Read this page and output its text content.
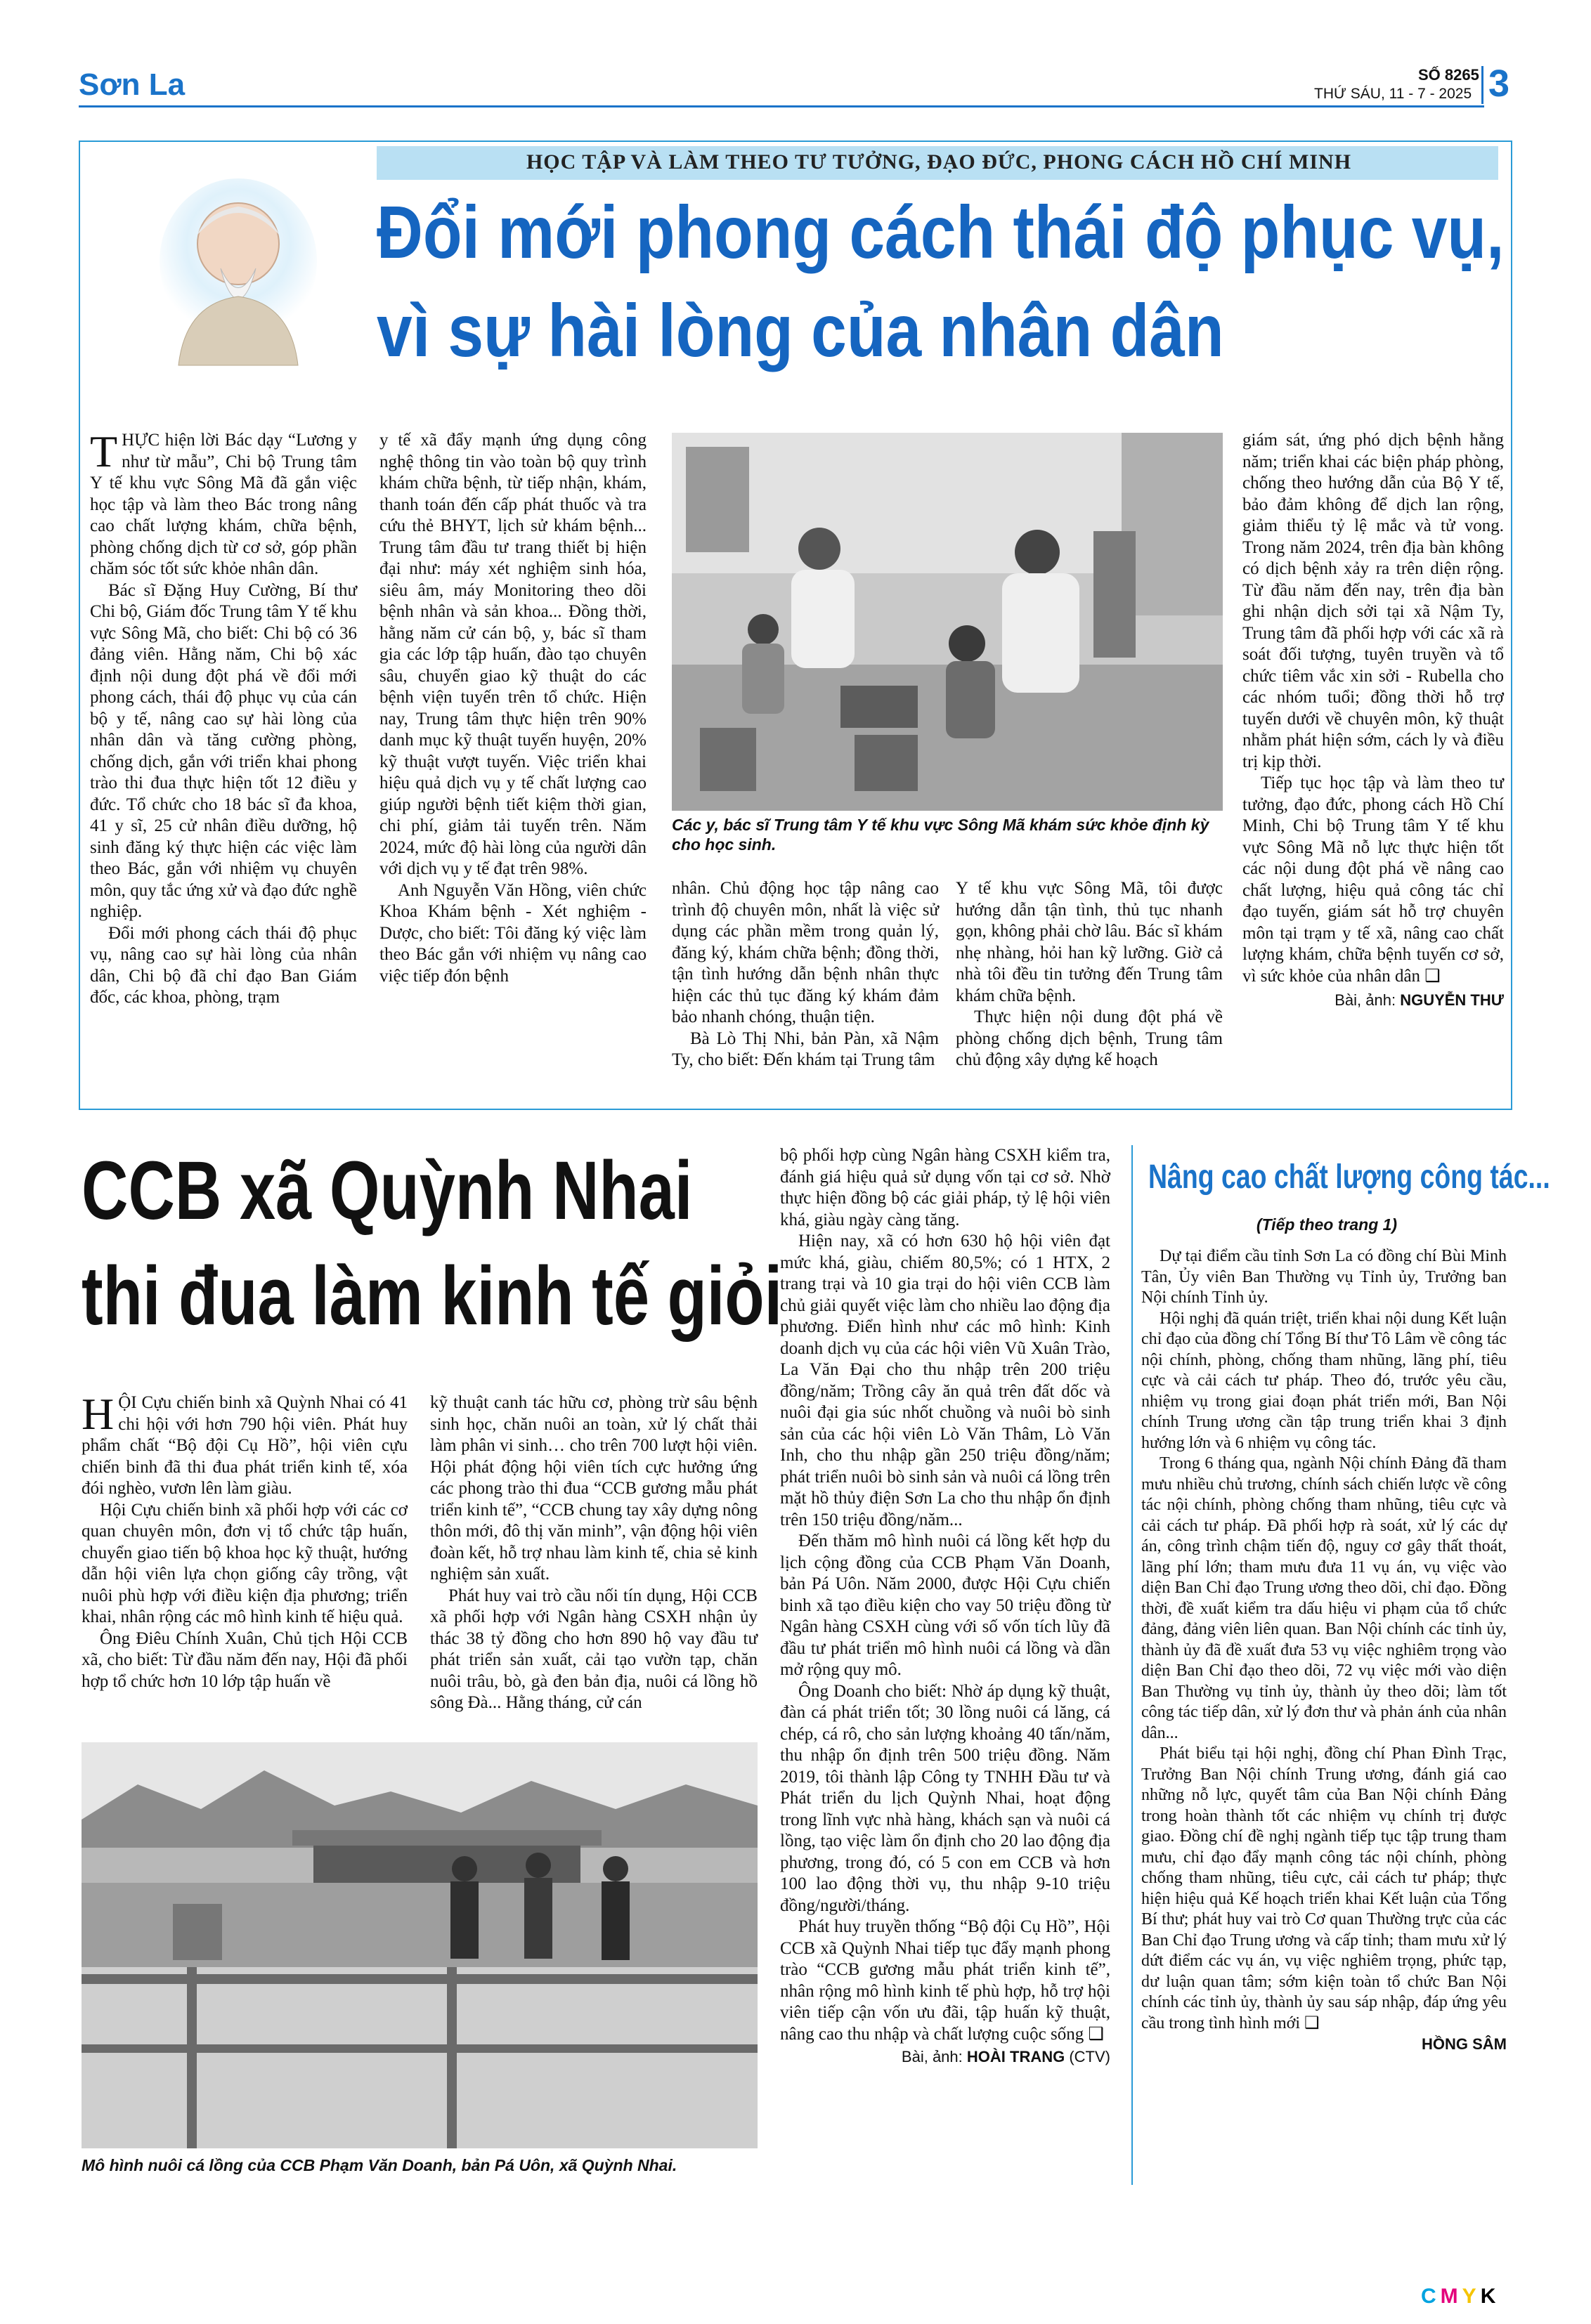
Sơn La	SỐ 8265
THỨ SÁU, 11 - 7 - 2025 3
HỌC TẬP VÀ LÀM THEO TƯ TƯỞNG, ĐẠO ĐỨC, PHONG CÁCH HỒ CHÍ MINH
Đổi mới phong cách thái độ phục vụ,
vì sự hài lòng của nhân dân

THỰC hiện lời Bác dạy “Lương y như từ mẫu”, Chi bộ Trung tâm Y tế khu vực Sông Mã đã gắn việc học tập và làm theo Bác trong nâng cao chất lượng khám, chữa bệnh, phòng chống dịch từ cơ sở, góp phần chăm sóc tốt sức khỏe nhân dân.

Bác sĩ Đặng Huy Cường, Bí thư Chi bộ, Giám đốc Trung tâm Y tế khu vực Sông Mã, cho biết: Chi bộ có 36 đảng viên. Hằng năm, Chi bộ xác định nội dung đột phá về đổi mới phong cách, thái độ phục vụ của cán bộ y tế, nâng cao sự hài lòng của nhân dân và tăng cường phòng, chống dịch, gắn với triển khai phong trào thi đua thực hiện tốt 12 điều y đức. Tổ chức cho 18 bác sĩ đa khoa, 41 y sĩ, 25 cử nhân điều dưỡng, hộ sinh đăng ký thực hiện các việc làm theo Bác, gắn với nhiệm vụ chuyên môn, quy tắc ứng xử và đạo đức nghề nghiệp.

Đổi mới phong cách thái độ phục vụ, nâng cao sự hài lòng của nhân dân, Chi bộ đã chỉ đạo Ban Giám đốc, các khoa, phòng, trạm

y tế xã đẩy mạnh ứng dụng công nghệ thông tin vào toàn bộ quy trình khám chữa bệnh, từ tiếp nhận, khám, thanh toán đến cấp phát thuốc và tra cứu thẻ BHYT, lịch sử khám bệnh... Trung tâm đầu tư trang thiết bị hiện đại như: máy xét nghiệm sinh hóa, siêu âm, máy Monitoring theo dõi bệnh nhân và sản khoa... Đồng thời, hằng năm cử cán bộ, y, bác sĩ tham gia các lớp tập huấn, đào tạo chuyên sâu, chuyển giao kỹ thuật do các bệnh viện tuyến trên tổ chức. Hiện nay, Trung tâm thực hiện trên 90% danh mục kỹ thuật tuyến huyện, 20% kỹ thuật vượt tuyến. Việc triển khai hiệu quả dịch vụ y tế chất lượng cao giúp người bệnh tiết kiệm thời gian, chi phí, giảm tải tuyến trên. Năm 2024, mức độ hài lòng của người dân với dịch vụ y tế đạt trên 98%.

Anh Nguyễn Văn Hồng, viên chức Khoa Khám bệnh - Xét nghiệm - Dược, cho biết: Tôi đăng ký việc làm theo Bác gắn với nhiệm vụ nâng cao việc tiếp đón bệnh

Các y, bác sĩ Trung tâm Y tế khu vực Sông Mã khám sức khỏe định kỳ cho học sinh.

nhân. Chủ động học tập nâng cao trình độ chuyên môn, nhất là việc sử dụng các phần mềm trong quản lý, đăng ký, khám chữa bệnh; đồng thời, tận tình hướng dẫn bệnh nhân thực hiện các thủ tục đăng ký khám đảm bảo nhanh chóng, thuận tiện.

Bà Lò Thị Nhi, bản Pàn, xã Nậm Ty, cho biết: Đến khám tại Trung tâm

Y tế khu vực Sông Mã, tôi được hướng dẫn tận tình, thủ tục nhanh gọn, không phải chờ lâu. Bác sĩ khám nhẹ nhàng, hỏi han kỹ lưỡng. Giờ cả nhà tôi đều tin tưởng đến Trung tâm khám chữa bệnh.

Thực hiện nội dung đột phá về phòng chống dịch bệnh, Trung tâm chủ động xây dựng kế hoạch

giám sát, ứng phó dịch bệnh hằng năm; triển khai các biện pháp phòng, chống theo hướng dẫn của Bộ Y tế, bảo đảm không để dịch lan rộng, giảm thiểu tỷ lệ mắc và tử vong. Trong năm 2024, trên địa bàn không có dịch bệnh xảy ra trên diện rộng. Từ đầu năm đến nay, trên địa bàn ghi nhận dịch sởi tại xã Nậm Ty, Trung tâm đã phối hợp với các xã rà soát đối tượng, tuyên truyền và tổ chức tiêm vắc xin sởi - Rubella cho các nhóm tuổi; đồng thời hỗ trợ tuyến dưới về chuyên môn, kỹ thuật nhằm phát hiện sớm, cách ly và điều trị kịp thời.

Tiếp tục học tập và làm theo tư tưởng, đạo đức, phong cách Hồ Chí Minh, Chi bộ Trung tâm Y tế khu vực Sông Mã nỗ lực thực hiện tốt các nội dung đột phá về nâng cao chất lượng, hiệu quả công tác chỉ đạo tuyến, giám sát hỗ trợ chuyên môn tại trạm y tế xã, nâng cao chất lượng khám, chữa bệnh tuyến cơ sở, vì sức khỏe của nhân dân ❑

Bài, ảnh: NGUYỄN THƯ
CCB xã Quỳnh Nhai
thi đua làm kinh tế giỏi

HỘI Cựu chiến binh xã Quỳnh Nhai có 41 chi hội với hơn 790 hội viên. Phát huy phẩm chất “Bộ đội Cụ Hồ”, hội viên cựu chiến binh đã thi đua phát triển kinh tế, xóa đói nghèo, vươn lên làm giàu.

Hội Cựu chiến binh xã phối hợp với các cơ quan chuyên môn, đơn vị tổ chức tập huấn, chuyển giao tiến bộ khoa học kỹ thuật, hướng dẫn hội viên lựa chọn giống cây trồng, vật nuôi phù hợp với điều kiện địa phương; triển khai, nhân rộng các mô hình kinh tế hiệu quả.

Ông Điêu Chính Xuân, Chủ tịch Hội CCB xã, cho biết: Từ đầu năm đến nay, Hội đã phối hợp tổ chức hơn 10 lớp tập huấn về

kỹ thuật canh tác hữu cơ, phòng trừ sâu bệnh sinh học, chăn nuôi an toàn, xử lý chất thải làm phân vi sinh… cho trên 700 lượt hội viên. Hội phát động hội viên tích cực hưởng ứng các phong trào thi đua “CCB gương mẫu phát triển kinh tế”, “CCB chung tay xây dựng nông thôn mới, đô thị văn minh”, vận động hội viên đoàn kết, hỗ trợ nhau làm kinh tế, chia sẻ kinh nghiệm sản xuất.

Phát huy vai trò cầu nối tín dụng, Hội CCB xã phối hợp với Ngân hàng CSXH nhận ủy thác 38 tỷ đồng cho hơn 890 hộ vay đầu tư phát triển sản xuất, cải tạo vườn tạp, chăn nuôi trâu, bò, gà đen bản địa, nuôi cá lồng hồ sông Đà... Hằng tháng, cử cán

Mô hình nuôi cá lồng của CCB Phạm Văn Doanh, bản Pá Uôn, xã Quỳnh Nhai.

bộ phối hợp cùng Ngân hàng CSXH kiểm tra, đánh giá hiệu quả sử dụng vốn tại cơ sở. Nhờ thực hiện đồng bộ các giải pháp, tỷ lệ hội viên khá, giàu ngày càng tăng.

Hiện nay, xã có hơn 630 hộ hội viên đạt mức khá, giàu, chiếm 80,5%; có 1 HTX, 2 trang trại và 10 gia trại do hội viên CCB làm chủ giải quyết việc làm cho nhiều lao động địa phương. Điển hình như các mô hình: Kinh doanh dịch vụ của các hội viên Vũ Xuân Trào, La Văn Đại cho thu nhập trên 200 triệu đồng/năm; Trồng cây ăn quả trên đất dốc và nuôi đại gia súc nhốt chuồng và nuôi bò sinh sản của các hội viên Lò Văn Thâm, Lò Văn Inh, cho thu nhập gần 250 triệu đồng/năm; phát triển nuôi bò sinh sản và nuôi cá lồng trên mặt hồ thủy điện Sơn La cho thu nhập ổn định trên 150 triệu đồng/năm...

Đến thăm mô hình nuôi cá lồng kết hợp du lịch cộng đồng của CCB Phạm Văn Doanh, bản Pá Uôn. Năm 2000, được Hội Cựu chiến binh xã tạo điều kiện cho vay 50 triệu đồng từ Ngân hàng CSXH cùng với số vốn tích lũy đã đầu tư phát triển mô hình nuôi cá lồng và dần mở rộng quy mô.

Ông Doanh cho biết: Nhờ áp dụng kỹ thuật, đàn cá phát triển tốt; 30 lồng nuôi cá lăng, cá chép, cá rô, cho sản lượng khoảng 40 tấn/năm, thu nhập ổn định trên 500 triệu đồng. Năm 2019, tôi thành lập Công ty TNHH Đầu tư và Phát triển du lịch Quỳnh Nhai, hoạt động trong lĩnh vực nhà hàng, khách sạn và nuôi cá lồng, tạo việc làm ổn định cho 20 lao động địa phương, trong đó, có 5 con em CCB và hơn 100 lao động thời vụ, thu nhập 9-10 triệu đồng/người/tháng.

Phát huy truyền thống “Bộ đội Cụ Hồ”, Hội CCB xã Quỳnh Nhai tiếp tục đẩy mạnh phong trào “CCB gương mẫu phát triển kinh tế”, nhân rộng mô hình kinh tế phù hợp, hỗ trợ hội viên tiếp cận vốn ưu đãi, tập huấn kỹ thuật, nâng cao thu nhập và chất lượng cuộc sống ❑

Bài, ảnh: HOÀI TRANG (CTV)
Nâng cao chất lượng công tác...
(Tiếp theo trang 1)

Dự tại điểm cầu tỉnh Sơn La có đồng chí Bùi Minh Tân, Ủy viên Ban Thường vụ Tỉnh ủy, Trưởng ban Nội chính Tỉnh ủy.

Hội nghị đã quán triệt, triển khai nội dung Kết luận chỉ đạo của đồng chí Tổng Bí thư Tô Lâm về công tác nội chính, phòng, chống tham nhũng, lãng phí, tiêu cực và cải cách tư pháp. Theo đó, trước yêu cầu, nhiệm vụ trong giai đoạn phát triển mới, Ban Nội chính Trung ương cần tập trung triển khai 3 định hướng lớn và 6 nhiệm vụ công tác.

Trong 6 tháng qua, ngành Nội chính Đảng đã tham mưu nhiều chủ trương, chính sách chiến lược về công tác nội chính, phòng chống tham nhũng, tiêu cực và cải cách tư pháp. Đã phối hợp rà soát, xử lý các dự án, công trình chậm tiến độ, nguy cơ gây thất thoát, lãng phí lớn; tham mưu đưa 11 vụ án, vụ việc vào diện Ban Chỉ đạo Trung ương theo dõi, chỉ đạo. Đồng thời, đề xuất kiểm tra dấu hiệu vi phạm của tổ chức đảng, đảng viên liên quan. Ban Nội chính các tỉnh ủy, thành ủy đã đề xuất đưa 53 vụ việc nghiêm trọng vào diện Ban Chỉ đạo theo dõi, 72 vụ việc mới vào diện Ban Thường vụ tỉnh ủy, thành ủy theo dõi; làm tốt công tác tiếp dân, xử lý đơn thư và phản ánh của nhân dân...

Phát biểu tại hội nghị, đồng chí Phan Đình Trạc, Trưởng Ban Nội chính Trung ương, đánh giá cao những nỗ lực, quyết tâm của Ban Nội chính Đảng trong hoàn thành tốt các nhiệm vụ chính trị được giao. Đồng chí đề nghị ngành tiếp tục tập trung tham mưu, chỉ đạo đẩy mạnh công tác nội chính, phòng chống tham nhũng, tiêu cực, cải cách tư pháp; thực hiện hiệu quả Kế hoạch triển khai Kết luận của Tổng Bí thư; phát huy vai trò Cơ quan Thường trực của các Ban Chỉ đạo Trung ương và cấp tỉnh; tham mưu xử lý dứt điểm các vụ án, vụ việc nghiêm trọng, phức tạp, dư luận quan tâm; sớm kiện toàn tổ chức Ban Nội chính các tỉnh ủy, thành ủy sau sáp nhập, đáp ứng yêu cầu trong tình hình mới ❑

HỒNG SÂM
CMYK
